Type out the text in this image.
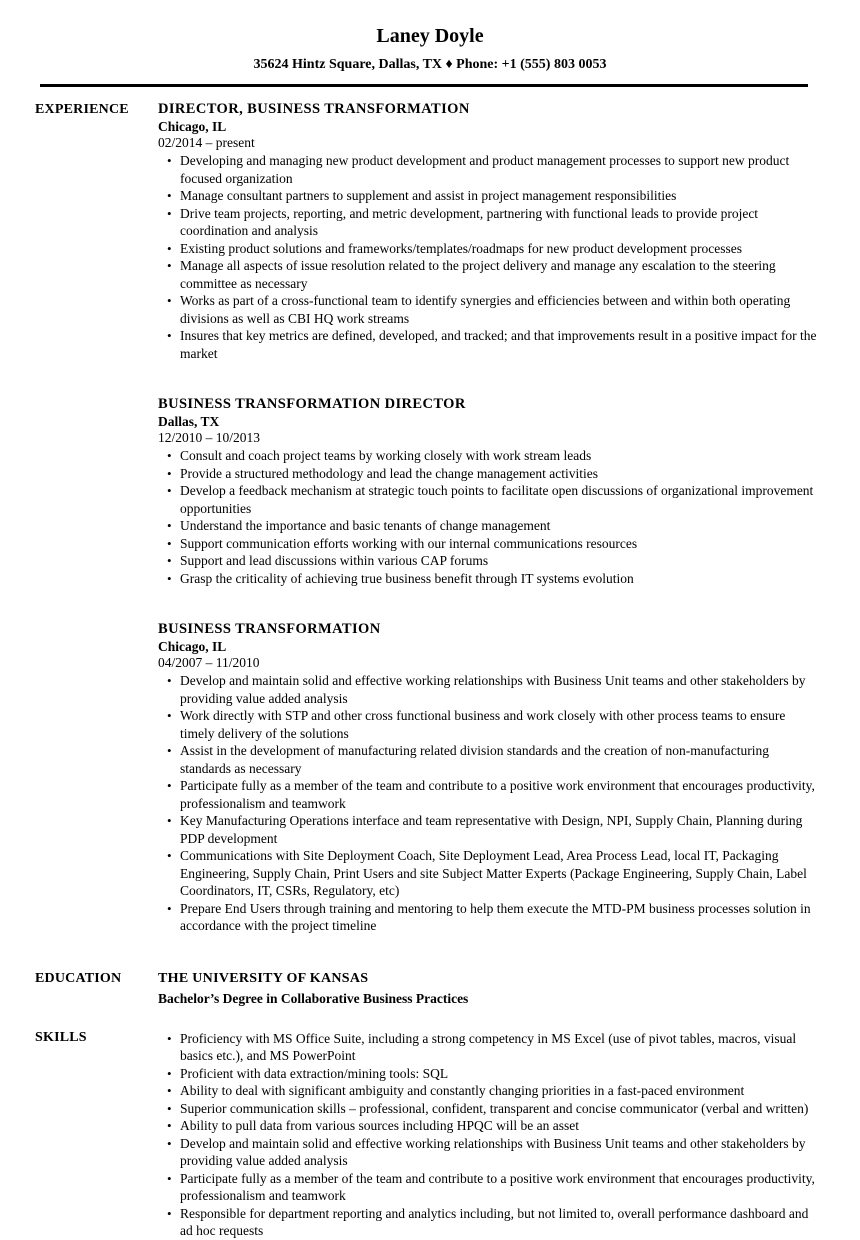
Laney Doyle
35624 Hintz Square, Dallas, TX ♦ Phone: +1 (555) 803 0053
EXPERIENCE	DIRECTOR, BUSINESS TRANSFORMATION
Chicago, IL
02/2014 – present
• Developing and managing new product development and product management processes to support new product focused organization
• Manage consultant partners to supplement and assist in project management responsibilities
• Drive team projects, reporting, and metric development, partnering with functional leads to provide project coordination and analysis
• Existing product solutions and frameworks/templates/roadmaps for new product development processes
• Manage all aspects of issue resolution related to the project delivery and manage any escalation to the steering committee as necessary
• Works as part of a cross-functional team to identify synergies and efficiencies between and within both operating divisions as well as CBI HQ work streams
• Insures that key metrics are defined, developed, and tracked; and that improvements result in a positive impact for the market
BUSINESS TRANSFORMATION DIRECTOR
Dallas, TX
12/2010 – 10/2013
• Consult and coach project teams by working closely with work stream leads
• Provide a structured methodology and lead the change management activities
• Develop a feedback mechanism at strategic touch points to facilitate open discussions of organizational improvement opportunities
• Understand the importance and basic tenants of change management
• Support communication efforts working with our internal communications resources
• Support and lead discussions within various CAP forums
• Grasp the criticality of achieving true business benefit through IT systems evolution
BUSINESS TRANSFORMATION
Chicago, IL
04/2007 – 11/2010
• Develop and maintain solid and effective working relationships with Business Unit teams and other stakeholders by providing value added analysis
• Work directly with STP and other cross functional business and work closely with other process teams to ensure timely delivery of the solutions
• Assist in the development of manufacturing related division standards and the creation of non-manufacturing standards as necessary
• Participate fully as a member of the team and contribute to a positive work environment that encourages productivity, professionalism and teamwork
• Key Manufacturing Operations interface and team representative with Design, NPI, Supply Chain, Planning during PDP development
• Communications with Site Deployment Coach, Site Deployment Lead, Area Process Lead, local IT, Packaging Engineering, Supply Chain, Print Users and site Subject Matter Experts (Package Engineering, Supply Chain, Label Coordinators, IT, CSRs, Regulatory, etc)
• Prepare End Users through training and mentoring to help them execute the MTD-PM business processes solution in accordance with the project timeline
EDUCATION	THE UNIVERSITY OF KANSAS
Bachelor’s Degree in Collaborative Business Practices
SKILLS	• Proficiency with MS Office Suite, including a strong competency in MS Excel (use of pivot tables, macros, visual basics etc.), and MS PowerPoint
• Proficient with data extraction/mining tools: SQL
• Ability to deal with significant ambiguity and constantly changing priorities in a fast-paced environment
• Superior communication skills – professional, confident, transparent and concise communicator (verbal and written)
• Ability to pull data from various sources including HPQC will be an asset
• Develop and maintain solid and effective working relationships with Business Unit teams and other stakeholders by providing value added analysis
• Participate fully as a member of the team and contribute to a positive work environment that encourages productivity, professionalism and teamwork
• Responsible for department reporting and analytics including, but not limited to, overall performance dashboard and ad hoc requests
